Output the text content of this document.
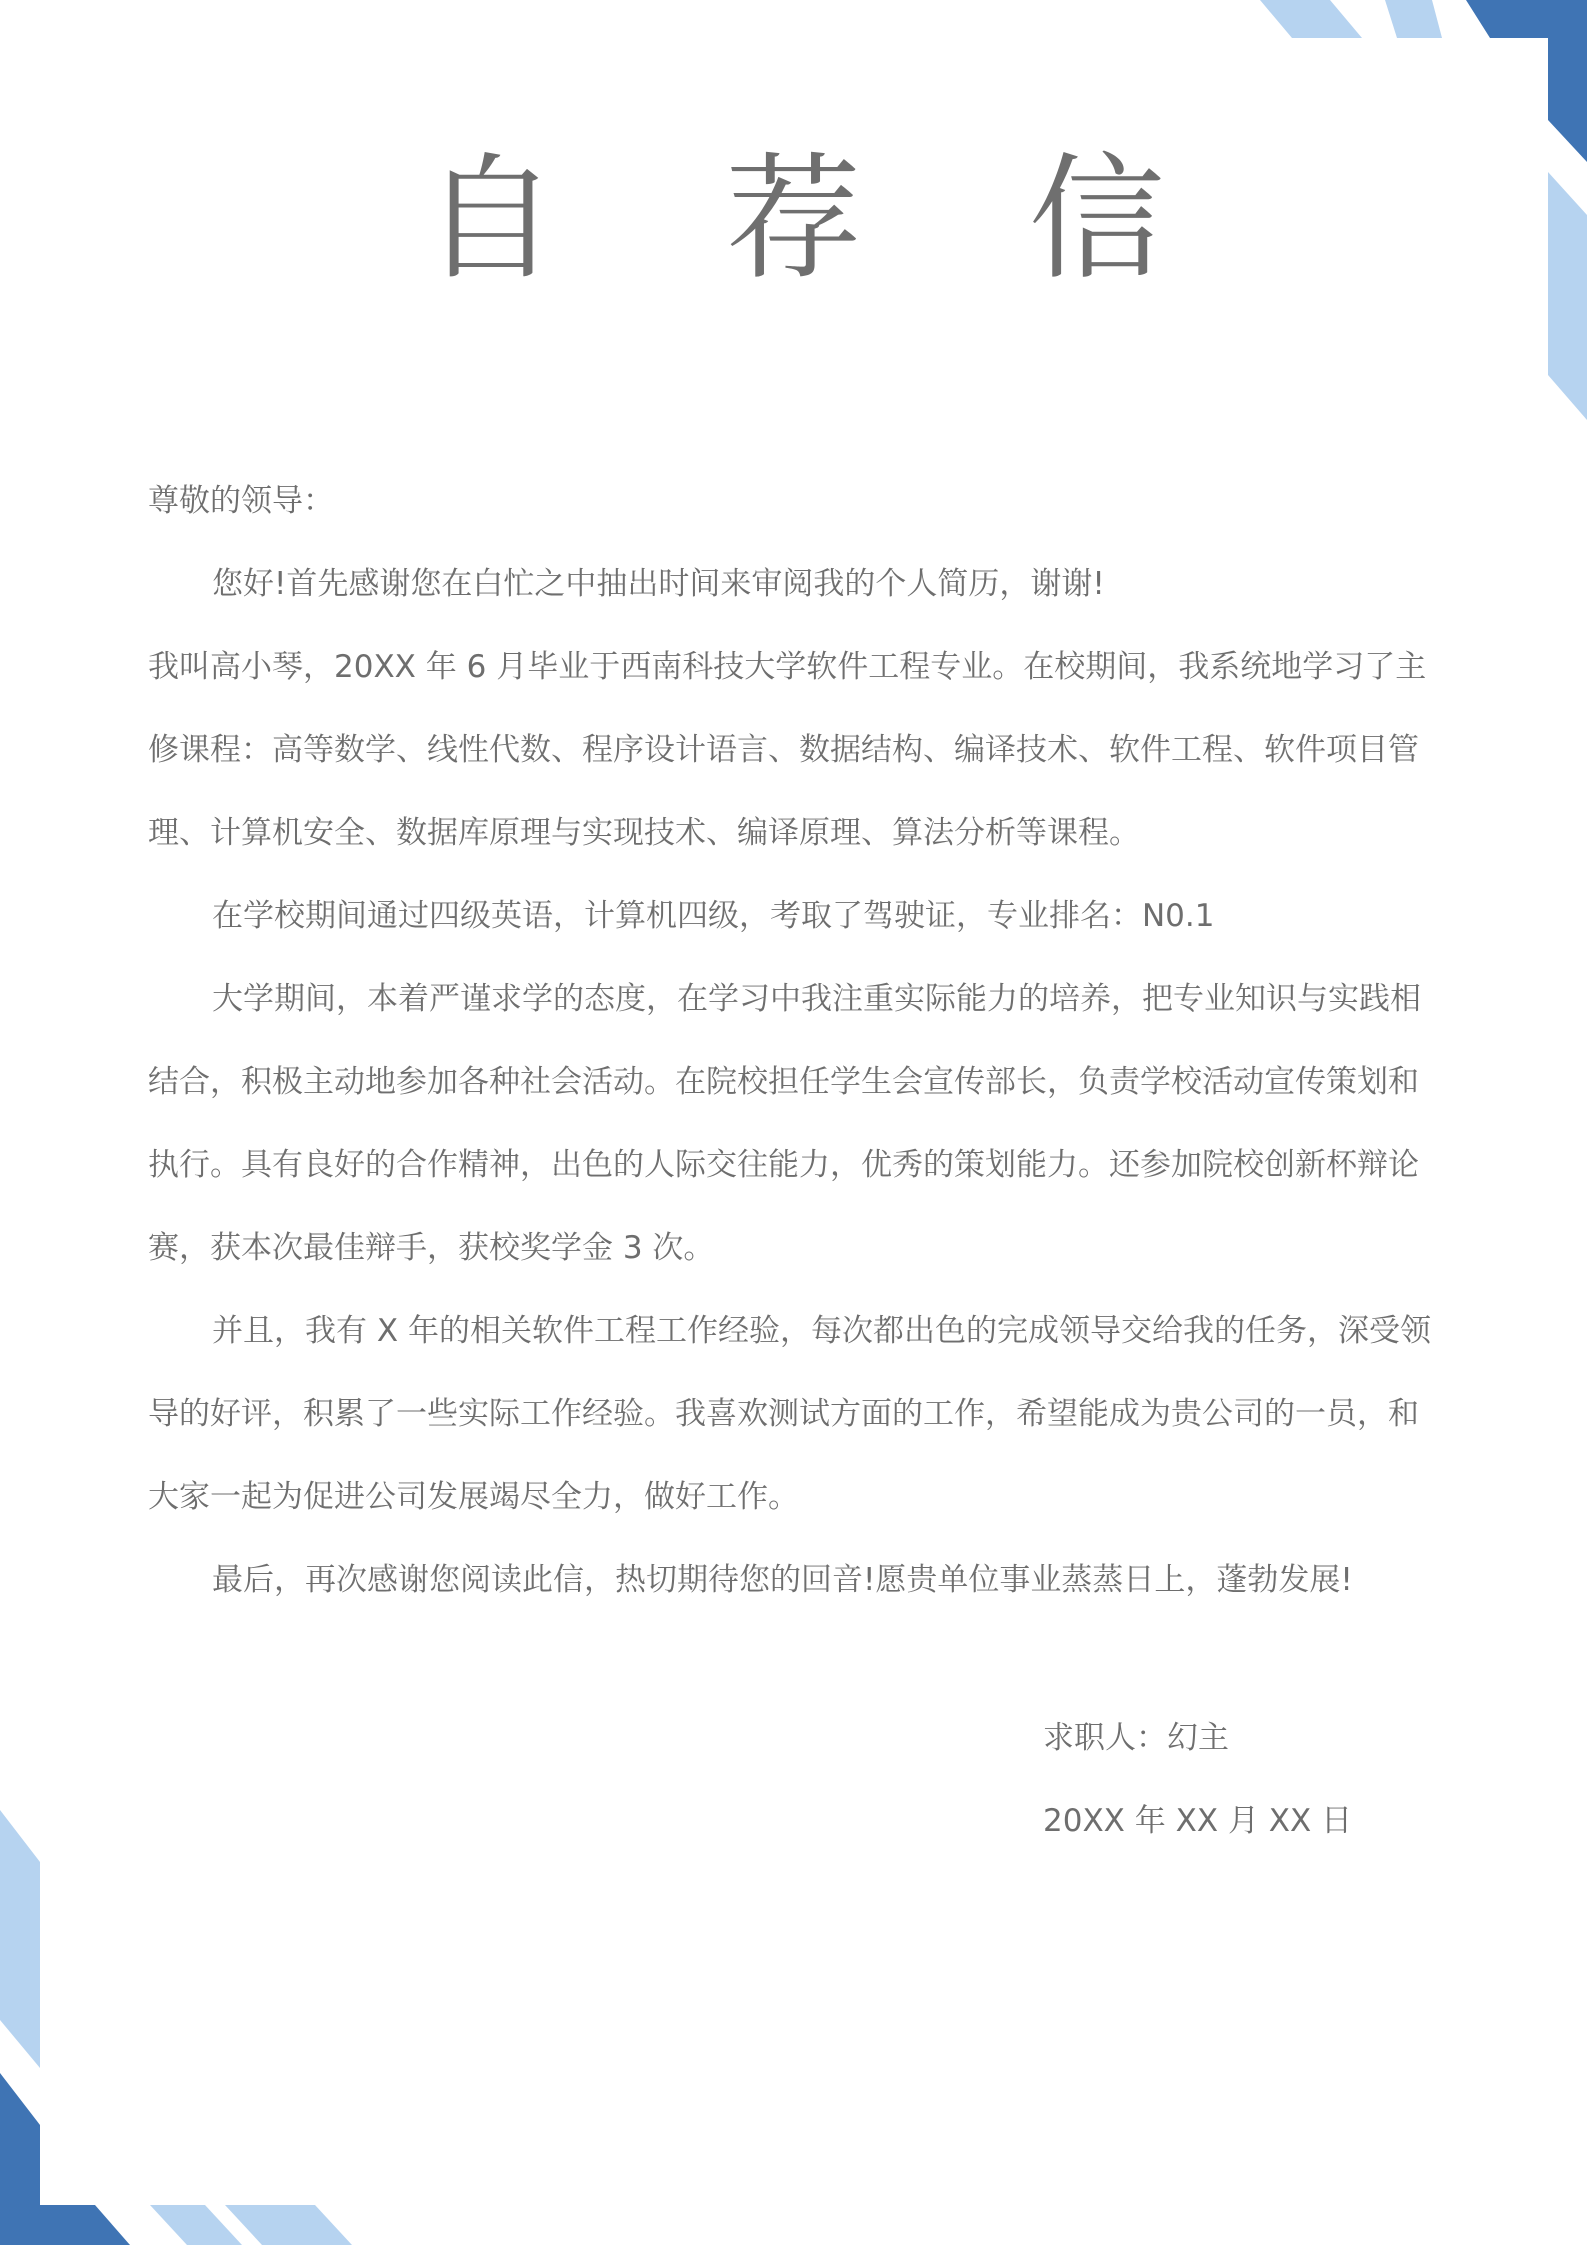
自 荐 信

尊敬的领导：

您好!首先感谢您在白忙之中抽出时间来审阅我的个人简历，谢谢!

我叫高小琴，20XX 年 6 月毕业于西南科技大学软件工程专业。在校期间，我系统地学习了主修课程：高等数学、线性代数、程序设计语言、数据结构、编译技术、软件工程、软件项目管理、计算机安全、数据库原理与实现技术、编译原理、算法分析等课程。

在学校期间通过四级英语，计算机四级，考取了驾驶证，专业排名：N0.1

大学期间，本着严谨求学的态度，在学习中我注重实际能力的培养，把专业知识与实践相结合，积极主动地参加各种社会活动。在院校担任学生会宣传部长，负责学校活动宣传策划和执行。具有良好的合作精神，出色的人际交往能力，优秀的策划能力。还参加院校创新杯辩论赛，获本次最佳辩手，获校奖学金 3 次。

并且，我有 X 年的相关软件工程工作经验，每次都出色的完成领导交给我的任务，深受领导的好评，积累了一些实际工作经验。我喜欢测试方面的工作，希望能成为贵公司的一员，和大家一起为促进公司发展竭尽全力，做好工作。

最后，再次感谢您阅读此信，热切期待您的回音!愿贵单位事业蒸蒸日上，蓬勃发展!

求职人：幻主

20XX 年 XX 月 XX 日
